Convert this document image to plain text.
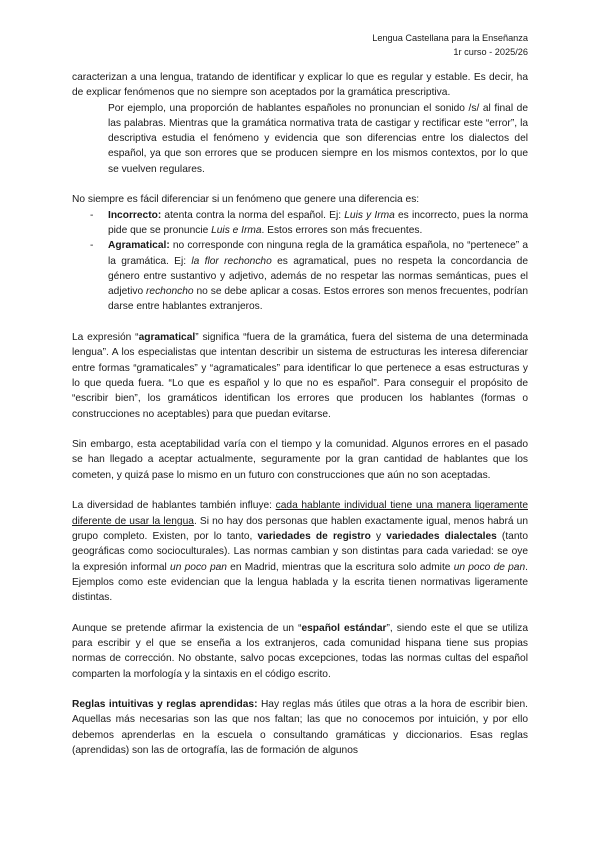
Lengua Castellana para la Enseñanza
1r curso - 2025/26

caracterizan a una lengua, tratando de identificar y explicar lo que es regular y estable. Es decir, ha de explicar fenómenos que no siempre son aceptados por la gramática prescriptiva.

Por ejemplo, una proporción de hablantes españoles no pronuncian el sonido /s/ al final de las palabras. Mientras que la gramática normativa trata de castigar y rectificar este “error”, la descriptiva estudia el fenómeno y evidencia que son diferencias entre los dialectos del español, ya que son errores que se producen siempre en los mismos contextos, por lo que se vuelven regulares.

No siempre es fácil diferenciar si un fenómeno que genere una diferencia es:

- Incorrecto: atenta contra la norma del español. Ej: Luis y Irma es incorrecto, pues la norma pide que se pronuncie Luis e Irma. Estos errores son más frecuentes.
- Agramatical: no corresponde con ninguna regla de la gramática española, no “pertenece” a la gramática. Ej: la flor rechoncho es agramatical, pues no respeta la concordancia de género entre sustantivo y adjetivo, además de no respetar las normas semánticas, pues el adjetivo rechoncho no se debe aplicar a cosas. Estos errores son menos frecuentes, podrían darse entre hablantes extranjeros.

La expresión “agramatical” significa “fuera de la gramática, fuera del sistema de una determinada lengua”. A los especialistas que intentan describir un sistema de estructuras les interesa diferenciar entre formas “gramaticales” y “agramaticales” para identificar lo que pertenece a esas estructuras y lo que queda fuera. “Lo que es español y lo que no es español”. Para conseguir el propósito de “escribir bien”, los gramáticos identifican los errores que producen los hablantes (formas o construcciones no aceptables) para que puedan evitarse.

Sin embargo, esta aceptabilidad varía con el tiempo y la comunidad. Algunos errores en el pasado se han llegado a aceptar actualmente, seguramente por la gran cantidad de hablantes que los cometen, y quizá pase lo mismo en un futuro con construcciones que aún no son aceptadas.

La diversidad de hablantes también influye: cada hablante individual tiene una manera ligeramente diferente de usar la lengua. Si no hay dos personas que hablen exactamente igual, menos habrá un grupo completo. Existen, por lo tanto, variedades de registro y variedades dialectales (tanto geográficas como socioculturales). Las normas cambian y son distintas para cada variedad: se oye la expresión informal un poco pan en Madrid, mientras que la escritura solo admite un poco de pan. Ejemplos como este evidencian que la lengua hablada y la escrita tienen normativas ligeramente distintas.

Aunque se pretende afirmar la existencia de un “español estándar”, siendo este el que se utiliza para escribir y el que se enseña a los extranjeros, cada comunidad hispana tiene sus propias normas de corrección. No obstante, salvo pocas excepciones, todas las normas cultas del español comparten la morfología y la sintaxis en el código escrito.

Reglas intuitivas y reglas aprendidas: Hay reglas más útiles que otras a la hora de escribir bien. Aquellas más necesarias son las que nos faltan; las que no conocemos por intuición, y por ello debemos aprenderlas en la escuela o consultando gramáticas y diccionarios. Esas reglas (aprendidas) son las de ortografía, las de formación de algunos
